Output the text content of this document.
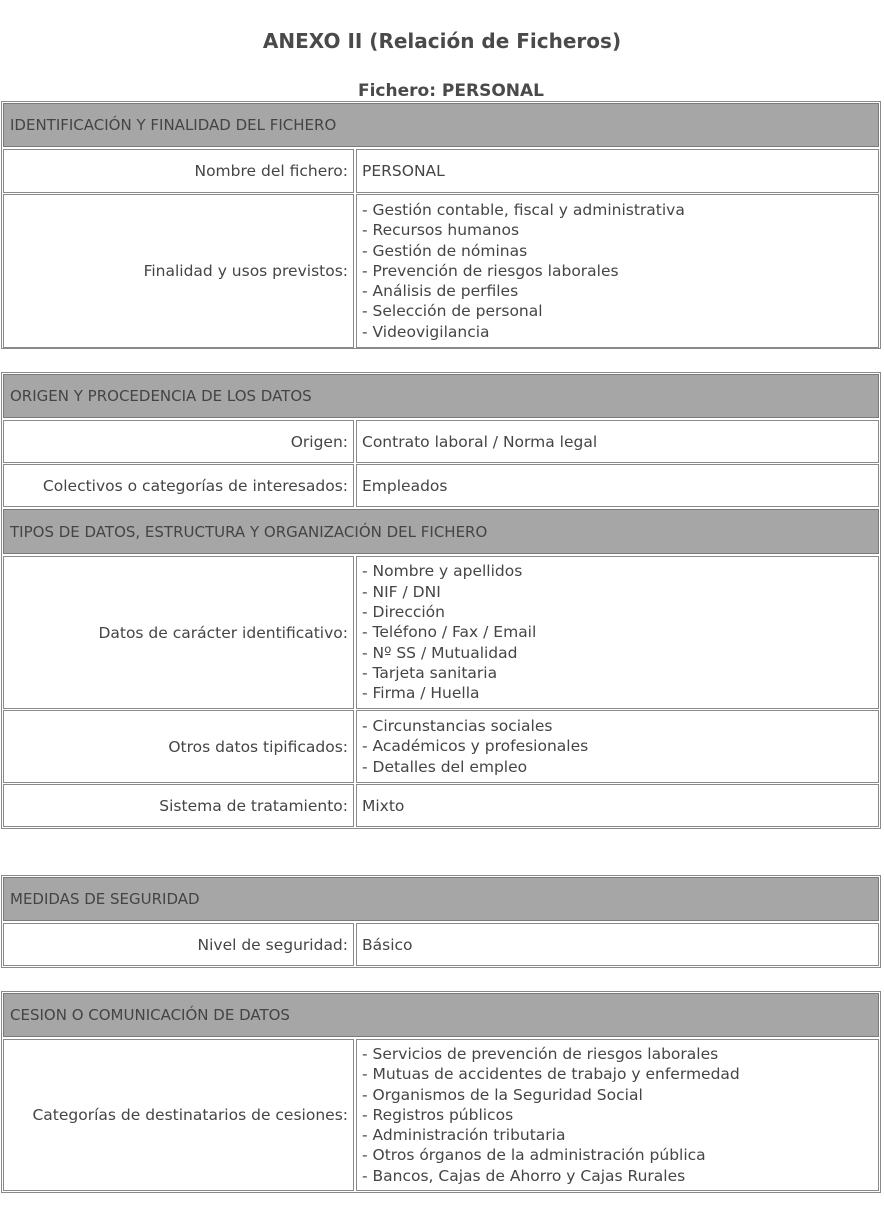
ANEXO II (Relación de Ficheros)
Fichero: PERSONAL
IDENTIFICACIÓN Y FINALIDAD DEL FICHERO
Nombre del fichero: PERSONAL
Finalidad y usos previstos:
- Gestión contable, fiscal y administrativa
- Recursos humanos
- Gestión de nóminas
- Prevención de riesgos laborales
- Análisis de perfiles
- Selección de personal
- Videovigilancia
ORIGEN Y PROCEDENCIA DE LOS DATOS
Origen: Contrato laboral / Norma legal
Colectivos o categorías de interesados: Empleados
TIPOS DE DATOS, ESTRUCTURA Y ORGANIZACIÓN DEL FICHERO
Datos de carácter identificativo:
- Nombre y apellidos
- NIF / DNI
- Dirección
- Teléfono / Fax / Email
- Nº SS / Mutualidad
- Tarjeta sanitaria
- Firma / Huella
Otros datos tipificados:
- Circunstancias sociales
- Académicos y profesionales
- Detalles del empleo
Sistema de tratamiento: Mixto
MEDIDAS DE SEGURIDAD
Nivel de seguridad: Básico
CESION O COMUNICACIÓN DE DATOS
Categorías de destinatarios de cesiones:
- Servicios de prevención de riesgos laborales
- Mutuas de accidentes de trabajo y enfermedad
- Organismos de la Seguridad Social
- Registros públicos
- Administración tributaria
- Otros órganos de la administración pública
- Bancos, Cajas de Ahorro y Cajas Rurales
